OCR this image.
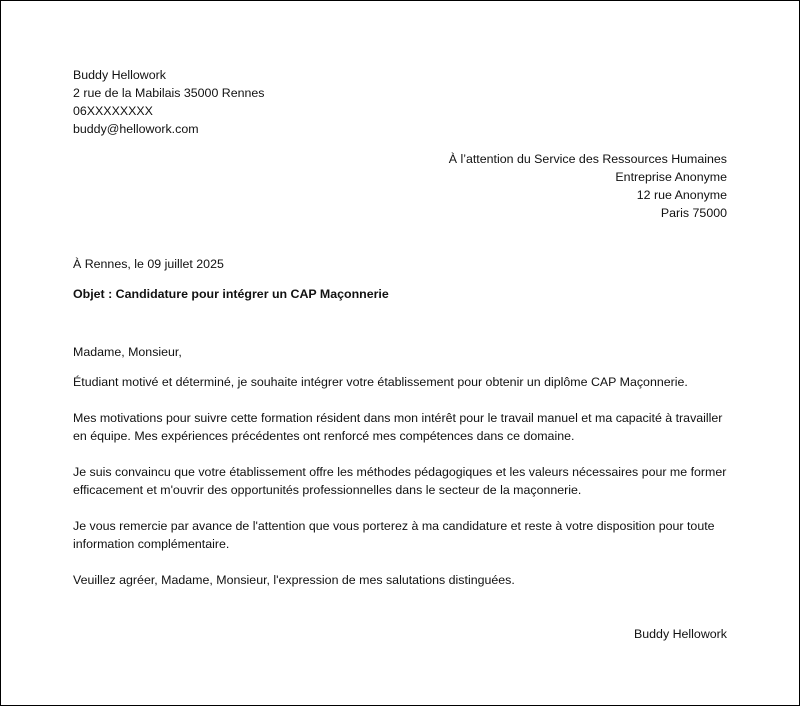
Buddy Hellowork
2 rue de la Mabilais 35000 Rennes
06XXXXXXXX
buddy@hellowork.com
À l’attention du Service des Ressources Humaines
Entreprise Anonyme
12 rue Anonyme
Paris 75000
À Rennes, le 09 juillet 2025
Objet : Candidature pour intégrer un CAP Maçonnerie
Madame, Monsieur,
Étudiant motivé et déterminé, je souhaite intégrer votre établissement pour obtenir un diplôme CAP Maçonnerie.
Mes motivations pour suivre cette formation résident dans mon intérêt pour le travail manuel et ma capacité à travailler en équipe. Mes expériences précédentes ont renforcé mes compétences dans ce domaine.
Je suis convaincu que votre établissement offre les méthodes pédagogiques et les valeurs nécessaires pour me former efficacement et m'ouvrir des opportunités professionnelles dans le secteur de la maçonnerie.
Je vous remercie par avance de l'attention que vous porterez à ma candidature et reste à votre disposition pour toute information complémentaire.
Veuillez agréer, Madame, Monsieur, l'expression de mes salutations distinguées.
Buddy Hellowork
